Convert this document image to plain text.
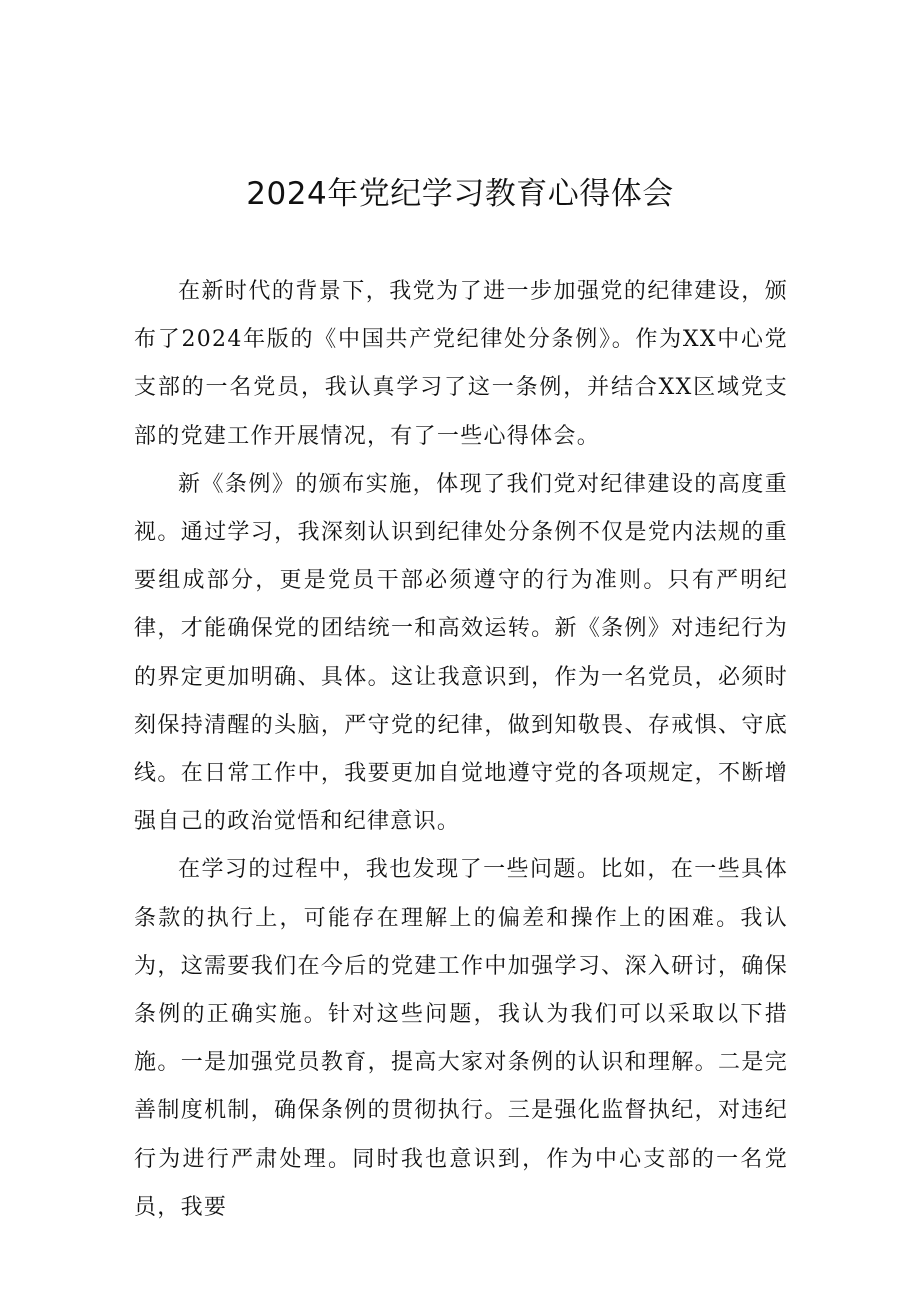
2024年党纪学习教育心得体会

在新时代的背景下，我党为了进一步加强党的纪律建设，颁布了2024年版的《中国共产党纪律处分条例》。作为XX中心党支部的一名党员，我认真学习了这一条例，并结合XX区域党支部的党建工作开展情况，有了一些心得体会。

新《条例》的颁布实施，体现了我们党对纪律建设的高度重视。通过学习，我深刻认识到纪律处分条例不仅是党内法规的重要组成部分，更是党员干部必须遵守的行为准则。只有严明纪律，才能确保党的团结统一和高效运转。新《条例》对违纪行为的界定更加明确、具体。这让我意识到，作为一名党员，必须时刻保持清醒的头脑，严守党的纪律，做到知敬畏、存戒惧、守底线。在日常工作中，我要更加自觉地遵守党的各项规定，不断增强自己的政治觉悟和纪律意识。

在学习的过程中，我也发现了一些问题。比如，在一些具体条款的执行上，可能存在理解上的偏差和操作上的困难。我认为，这需要我们在今后的党建工作中加强学习、深入研讨，确保条例的正确实施。针对这些问题，我认为我们可以采取以下措施。一是加强党员教育，提高大家对条例的认识和理解。二是完善制度机制，确保条例的贯彻执行。三是强化监督执纪，对违纪行为进行严肃处理。同时我也意识到，作为中心支部的一名党员，我要
